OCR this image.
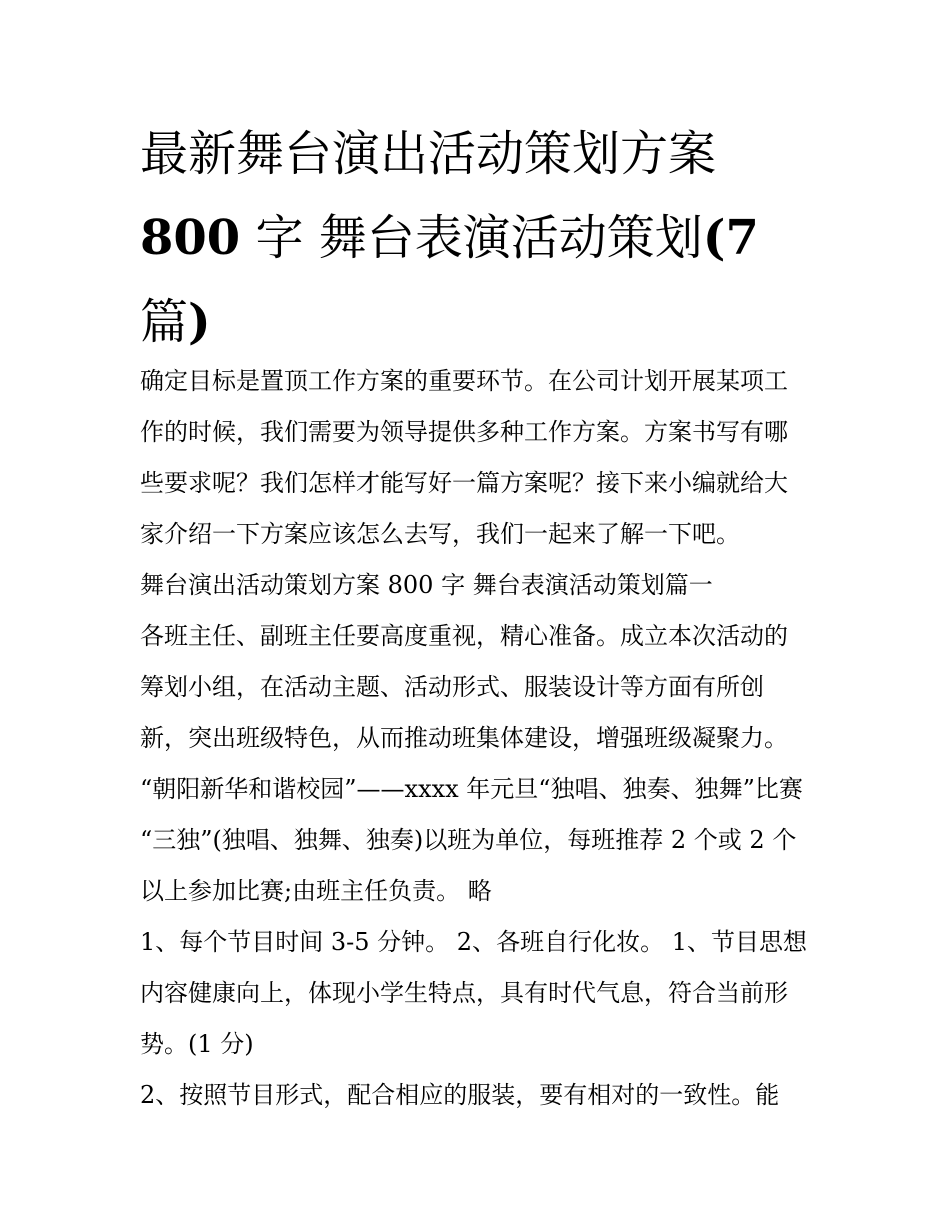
最新舞台演出活动策划方案
800 字 舞台表演活动策划(7
篇)
确定目标是置顶工作方案的重要环节。在公司计划开展某项工
作的时候，我们需要为领导提供多种工作方案。方案书写有哪
些要求呢？我们怎样才能写好一篇方案呢？接下来小编就给大
家介绍一下方案应该怎么去写，我们一起来了解一下吧。
舞台演出活动策划方案 800 字 舞台表演活动策划篇一
各班主任、副班主任要高度重视，精心准备。成立本次活动的
筹划小组，在活动主题、活动形式、服装设计等方面有所创
新，突出班级特色，从而推动班集体建设，增强班级凝聚力。
“朝阳新华和谐校园”——xxxx 年元旦“独唱、独奏、独舞”比赛
“三独”(独唱、独舞、独奏)以班为单位，每班推荐 2 个或 2 个
以上参加比赛;由班主任负责。 略
1、每个节目时间 3-5 分钟。 2、各班自行化妆。 1、节目思想
内容健康向上，体现小学生特点，具有时代气息，符合当前形
势。(1 分)
2、按照节目形式，配合相应的服装，要有相对的一致性。能
